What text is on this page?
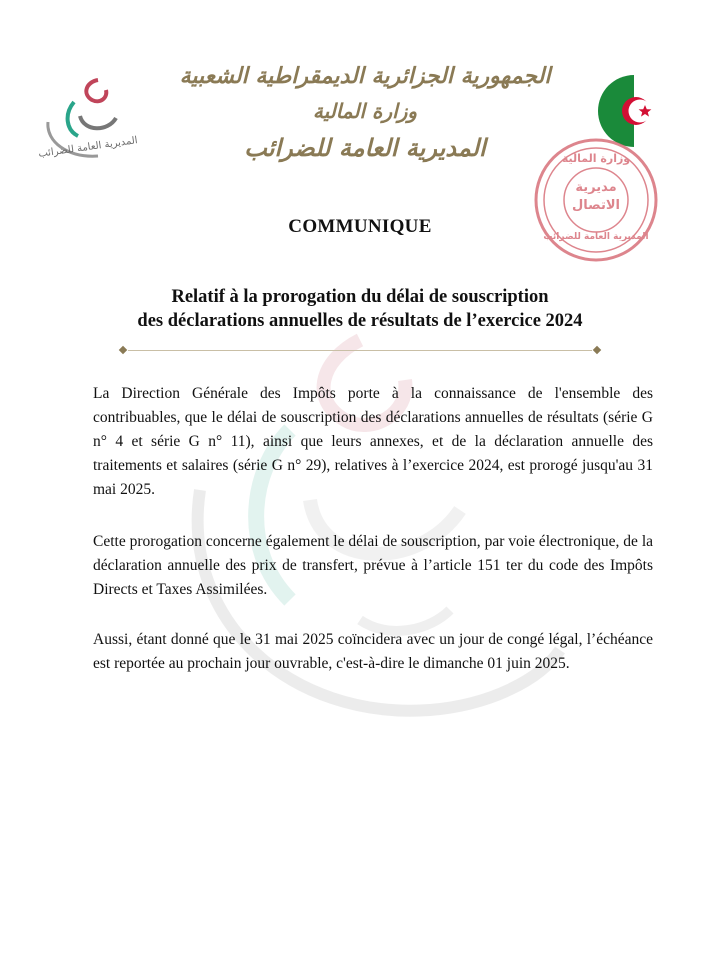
المديرية العامة للضرائب
الجمهورية الجزائرية الديمقراطية الشعبية
وزارة المالية
المديرية العامة للضرائب	وزارة المالية
مديرية
الاتصال
المديرية العامة للضرائب
COMMUNIQUE
Relatif à la prorogation du délai de souscription
des déclarations annuelles de résultats de l’exercice 2024
La Direction Générale des Impôts porte à la connaissance de l'ensemble des contribuables, que le délai de souscription des déclarations annuelles de résultats (série G n° 4 et série G n° 11), ainsi que leurs annexes, et de la déclaration annuelle des traitements et salaires (série G n° 29), relatives à l’exercice 2024, est prorogé jusqu'au 31 mai 2025.
Cette prorogation concerne également le délai de souscription, par voie électronique, de la déclaration annuelle des prix de transfert, prévue à l’article 151 ter du code des Impôts Directs et Taxes Assimilées.
Aussi, étant donné que le 31 mai 2025 coïncidera avec un jour de congé légal, l’échéance est reportée au prochain jour ouvrable, c'est-à-dire le dimanche 01 juin 2025.
